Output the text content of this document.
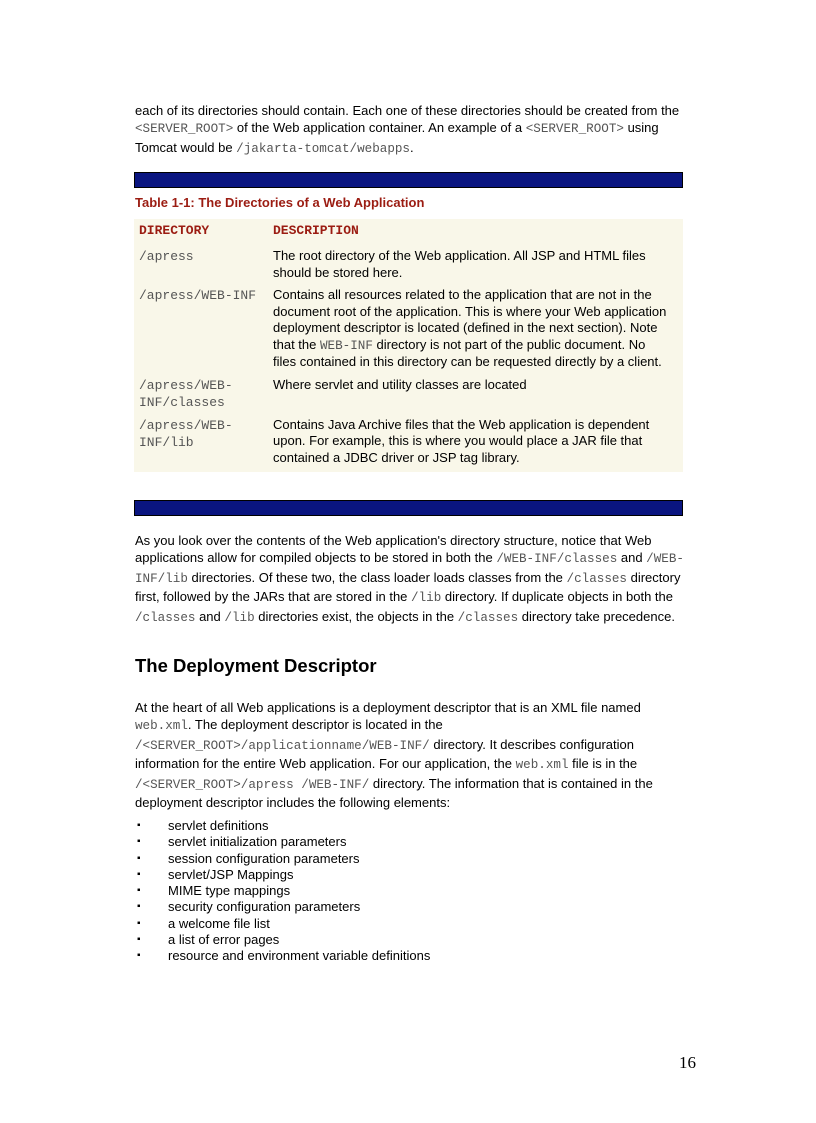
each of its directories should contain. Each one of these directories should be created from the <SERVER_ROOT> of the Web application container. An example of a <SERVER_ROOT> using Tomcat would be /jakarta-tomcat/webapps.

Table 1-1: The Directories of a Web Application

DIRECTORY	DESCRIPTION
/apress	The root directory of the Web application. All JSP and HTML files should be stored here.
/apress/WEB-INF	Contains all resources related to the application that are not in the document root of the application. This is where your Web application deployment descriptor is located (defined in the next section). Note that the WEB-INF directory is not part of the public document. No files contained in this directory can be requested directly by a client.
/apress/WEB-INF/classes	Where servlet and utility classes are located
/apress/WEB-INF/lib	Contains Java Archive files that the Web application is dependent upon. For example, this is where you would place a JAR file that contained a JDBC driver or JSP tag library.

As you look over the contents of the Web application's directory structure, notice that Web applications allow for compiled objects to be stored in both the /WEB-INF/classes and /WEB-INF/lib directories. Of these two, the class loader loads classes from the /classes directory first, followed by the JARs that are stored in the /lib directory. If duplicate objects in both the /classes and /lib directories exist, the objects in the /classes directory take precedence.

The Deployment Descriptor

At the heart of all Web applications is a deployment descriptor that is an XML file named web.xml. The deployment descriptor is located in the /<SERVER_ROOT>/applicationname/WEB-INF/ directory. It describes configuration information for the entire Web application. For our application, the web.xml file is in the /<SERVER_ROOT>/apress /WEB-INF/ directory. The information that is contained in the deployment descriptor includes the following elements:

▪ servlet definitions
▪ servlet initialization parameters
▪ session configuration parameters
▪ servlet/JSP Mappings
▪ MIME type mappings
▪ security configuration parameters
▪ a welcome file list
▪ a list of error pages
▪ resource and environment variable definitions
16
